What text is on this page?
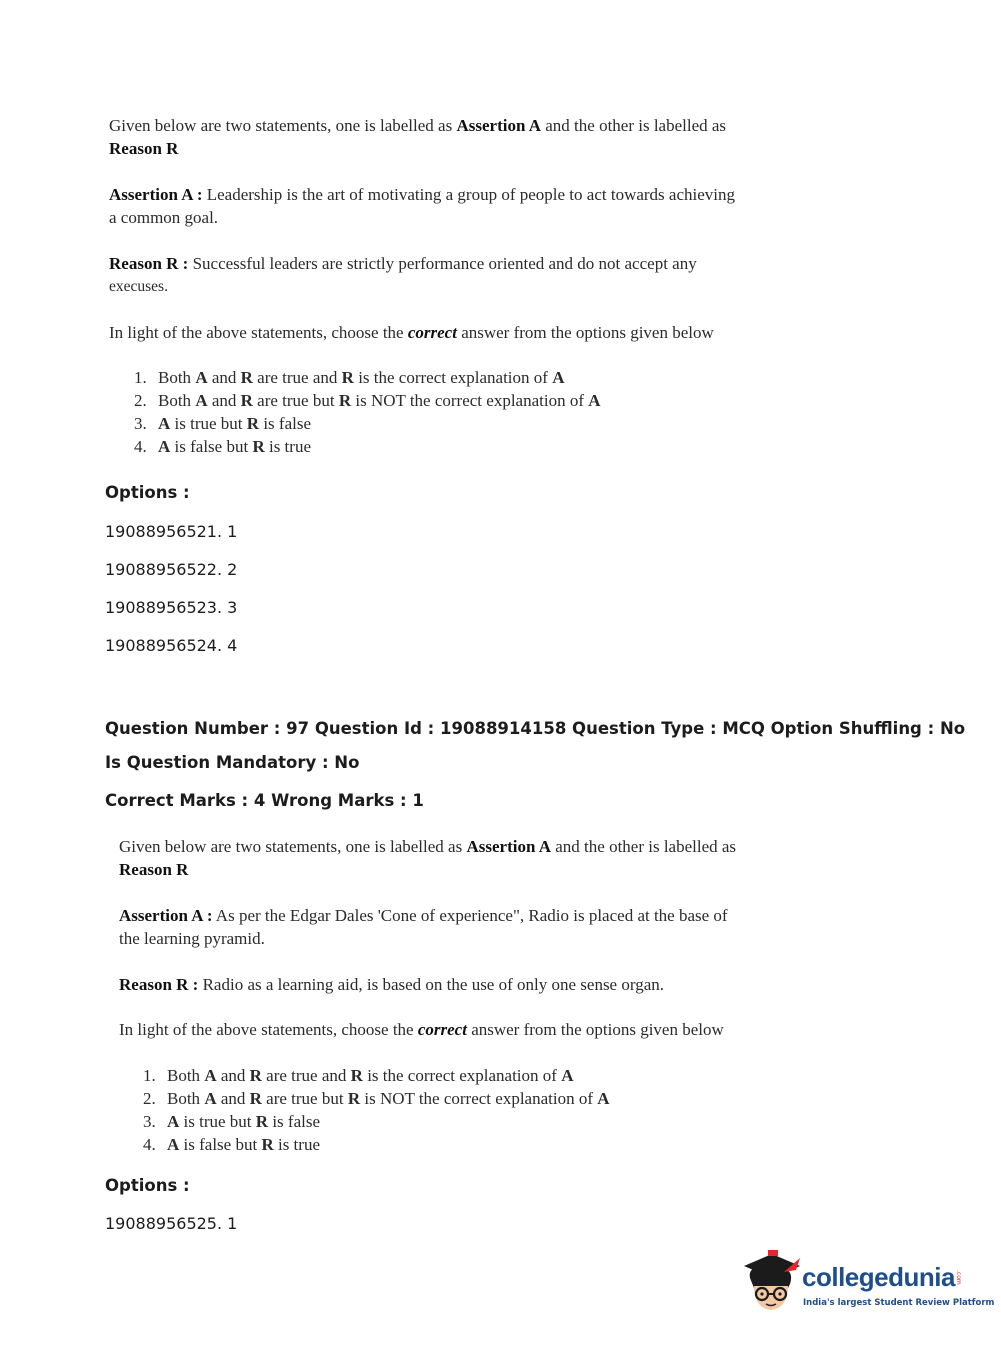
Given below are two statements, one is labelled as Assertion A and the other is labelled as
Reason R
Assertion A : Leadership is the art of motivating a group of people to act towards achieving
a common goal.
Reason R : Successful leaders are strictly performance oriented and do not accept any
execuses.
In light of the above statements, choose the correct answer from the options given below
1. Both A and R are true and R is the correct explanation of A
2. Both A and R are true but R is NOT the correct explanation of A
3. A is true but R is false
4. A is false but R is true
Options :
19088956521. 1
19088956522. 2
19088956523. 3
19088956524. 4
Question Number : 97 Question Id : 19088914158 Question Type : MCQ Option Shuffling : No
Is Question Mandatory : No
Correct Marks : 4 Wrong Marks : 1
Given below are two statements, one is labelled as Assertion A and the other is labelled as
Reason R
Assertion A : As per the Edgar Dales 'Cone of experience", Radio is placed at the base of
the learning pyramid.
Reason R : Radio as a learning aid, is based on the use of only one sense organ.
In light of the above statements, choose the correct answer from the options given below
1. Both A and R are true and R is the correct explanation of A
2. Both A and R are true but R is NOT the correct explanation of A
3. A is true but R is false
4. A is false but R is true
Options :
19088956525. 1
collegedunia .com
India's largest Student Review Platform
